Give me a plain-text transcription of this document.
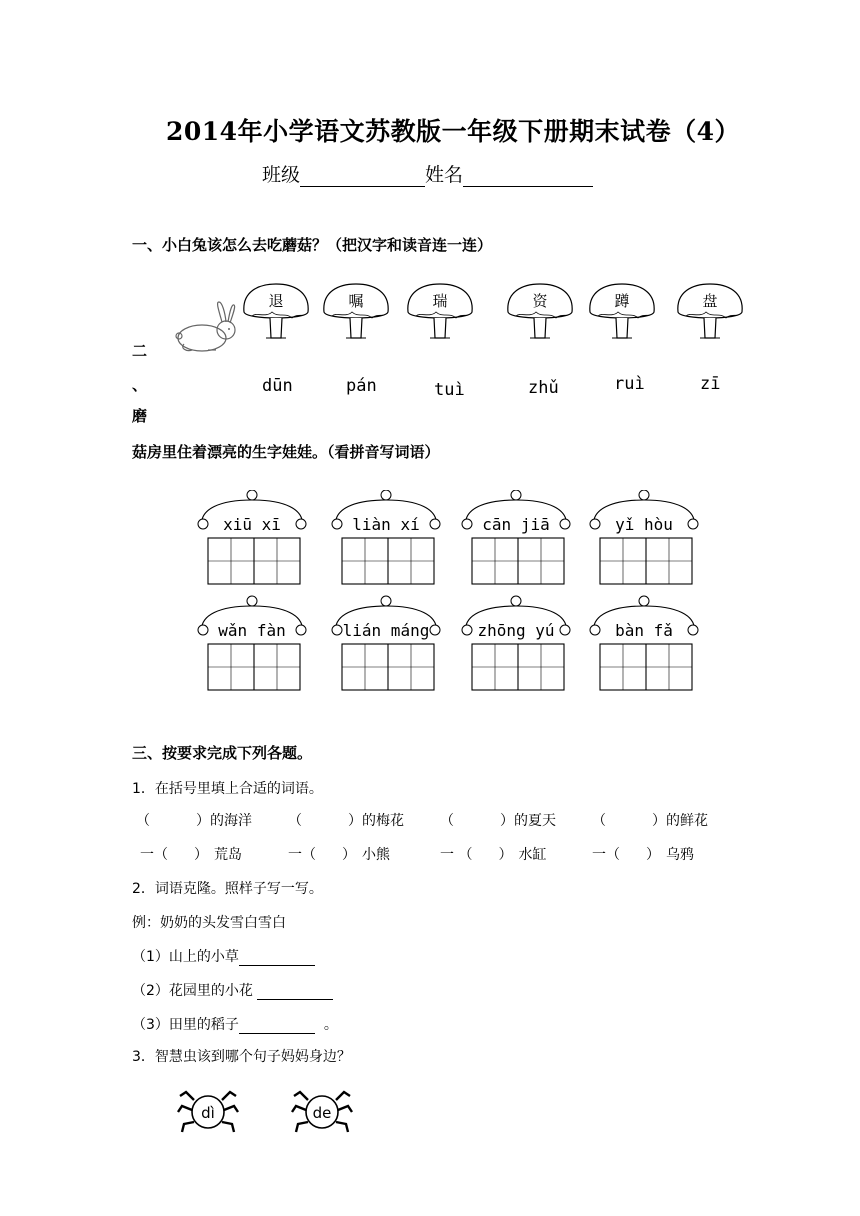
2014年小学语文苏教版一年级下册期末试卷（4）
班级	姓名
一、小白兔该怎么去吃蘑菇？（把汉字和读音连一连）
退	嘱	瑞	资	蹲	盘
dūn	pán	tuì	zhǔ	ruì	zī
二
、
磨
菇房里住着漂亮的生字娃娃。（看拼音写词语）
xiū xī	liàn xí	cān jiā	yǐ hòu
wǎn fàn	lián máng	zhōng yú	bàn fǎ
三、按要求完成下列各题。
1．在括号里填上合适的词语。
（	）的海洋	（	）的梅花	（	）的夏天	（	）的鲜花
一（ ） 荒岛	一（ ） 小熊	一 （ ） 水缸	一（ ） 乌鸦
2．词语克隆。照样子写一写。
例：奶奶的头发雪白雪白
（1）山上的小草
（2）花园里的小花
（3）田里的稻子	。
3．智慧虫该到哪个句子妈妈身边？
dì	de
